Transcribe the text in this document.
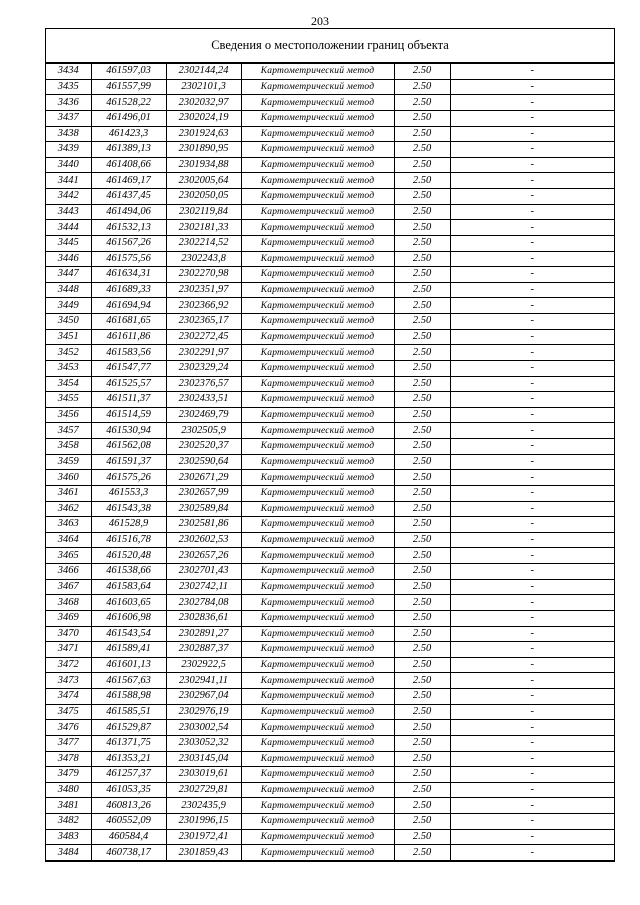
203
Сведения о местоположении границ объекта
3434	461597,03	2302144,24	Картометрический метод	2.50	-
3435	461557,99	2302101,3	Картометрический метод	2.50	-
3436	461528,22	2302032,97	Картометрический метод	2.50	-
3437	461496,01	2302024,19	Картометрический метод	2.50	-
3438	461423,3	2301924,63	Картометрический метод	2.50	-
3439	461389,13	2301890,95	Картометрический метод	2.50	-
3440	461408,66	2301934,88	Картометрический метод	2.50	-
3441	461469,17	2302005,64	Картометрический метод	2.50	-
3442	461437,45	2302050,05	Картометрический метод	2.50	-
3443	461494,06	2302119,84	Картометрический метод	2.50	-
3444	461532,13	2302181,33	Картометрический метод	2.50	-
3445	461567,26	2302214,52	Картометрический метод	2.50	-
3446	461575,56	2302243,8	Картометрический метод	2.50	-
3447	461634,31	2302270,98	Картометрический метод	2.50	-
3448	461689,33	2302351,97	Картометрический метод	2.50	-
3449	461694,94	2302366,92	Картометрический метод	2.50	-
3450	461681,65	2302365,17	Картометрический метод	2.50	-
3451	461611,86	2302272,45	Картометрический метод	2.50	-
3452	461583,56	2302291,97	Картометрический метод	2.50	-
3453	461547,77	2302329,24	Картометрический метод	2.50	-
3454	461525,57	2302376,57	Картометрический метод	2.50	-
3455	461511,37	2302433,51	Картометрический метод	2.50	-
3456	461514,59	2302469,79	Картометрический метод	2.50	-
3457	461530,94	2302505,9	Картометрический метод	2.50	-
3458	461562,08	2302520,37	Картометрический метод	2.50	-
3459	461591,37	2302590,64	Картометрический метод	2.50	-
3460	461575,26	2302671,29	Картометрический метод	2.50	-
3461	461553,3	2302657,99	Картометрический метод	2.50	-
3462	461543,38	2302589,84	Картометрический метод	2.50	-
3463	461528,9	2302581,86	Картометрический метод	2.50	-
3464	461516,78	2302602,53	Картометрический метод	2.50	-
3465	461520,48	2302657,26	Картометрический метод	2.50	-
3466	461538,66	2302701,43	Картометрический метод	2.50	-
3467	461583,64	2302742,11	Картометрический метод	2.50	-
3468	461603,65	2302784,08	Картометрический метод	2.50	-
3469	461606,98	2302836,61	Картометрический метод	2.50	-
3470	461543,54	2302891,27	Картометрический метод	2.50	-
3471	461589,41	2302887,37	Картометрический метод	2.50	-
3472	461601,13	2302922,5	Картометрический метод	2.50	-
3473	461567,63	2302941,11	Картометрический метод	2.50	-
3474	461588,98	2302967,04	Картометрический метод	2.50	-
3475	461585,51	2302976,19	Картометрический метод	2.50	-
3476	461529,87	2303002,54	Картометрический метод	2.50	-
3477	461371,75	2303052,32	Картометрический метод	2.50	-
3478	461353,21	2303145,04	Картометрический метод	2.50	-
3479	461257,37	2303019,61	Картометрический метод	2.50	-
3480	461053,35	2302729,81	Картометрический метод	2.50	-
3481	460813,26	2302435,9	Картометрический метод	2.50	-
3482	460552,09	2301996,15	Картометрический метод	2.50	-
3483	460584,4	2301972,41	Картометрический метод	2.50	-
3484	460738,17	2301859,43	Картометрический метод	2.50	-
